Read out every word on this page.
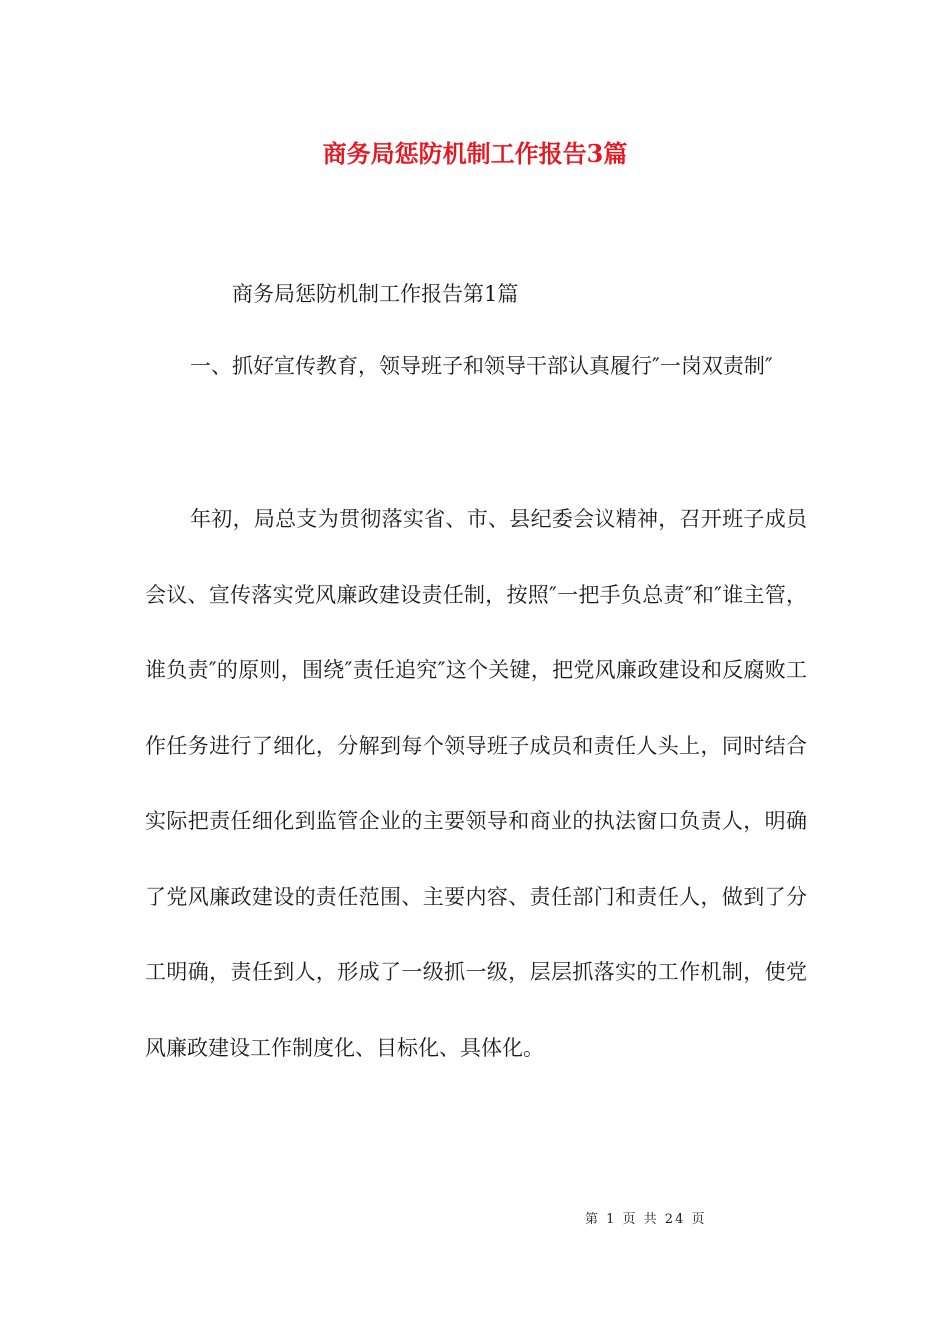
商务局惩防机制工作报告3篇
商务局惩防机制工作报告第1篇
一、抓好宣传教育，领导班子和领导干部认真履行″一岗双责制″
年初，局总支为贯彻落实省、市、县纪委会议精神，召开班子成员会议、宣传落实党风廉政建设责任制，按照″一把手负总责″和″谁主管，谁负责″的原则，围绕″责任追究″这个关键，把党风廉政建设和反腐败工作任务进行了细化，分解到每个领导班子成员和责任人头上，同时结合实际把责任细化到监管企业的主要领导和商业的执法窗口负责人，明确了党风廉政建设的责任范围、主要内容、责任部门和责任人，做到了分工明确，责任到人，形成了一级抓一级，层层抓落实的工作机制，使党风廉政建设工作制度化、目标化、具体化。
第 1 页 共 24 页
